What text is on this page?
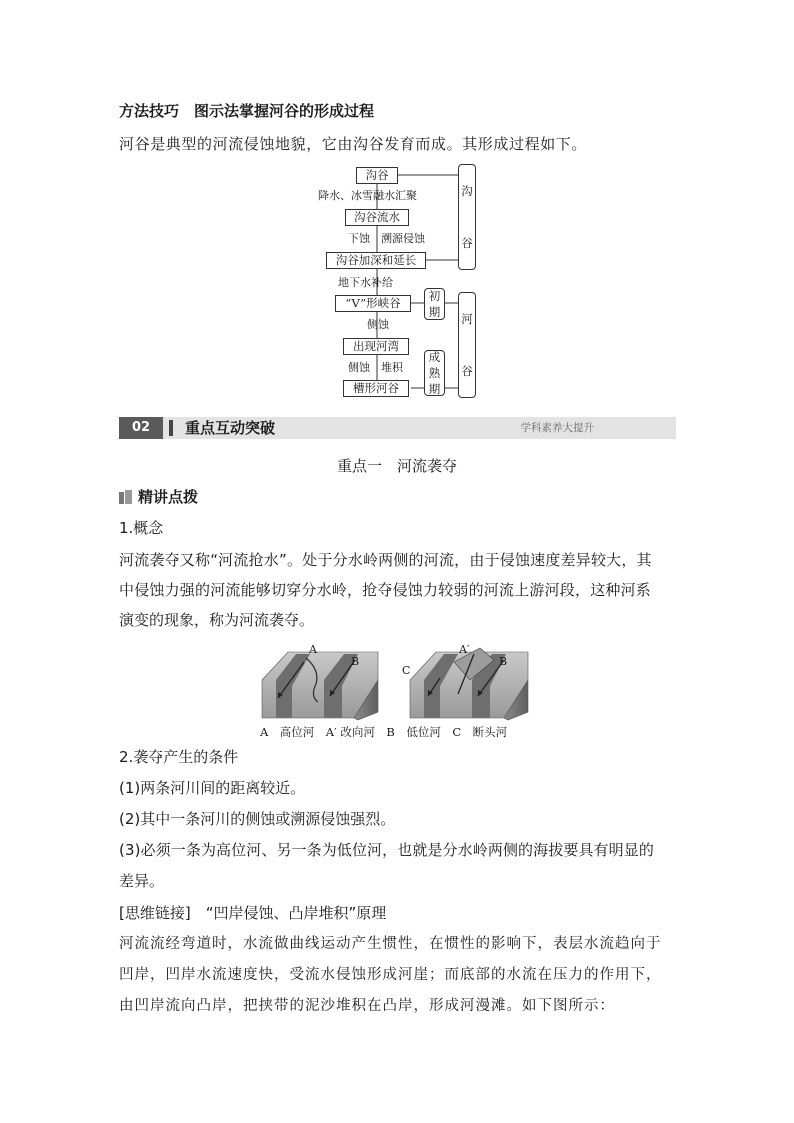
方法技巧　图示法掌握河谷的形成过程
河谷是典型的河流侵蚀地貌，它由沟谷发育而成。其形成过程如下。
沟谷
降水、冰雪融水汇聚
沟谷流水
下蚀　溯源侵蚀
沟谷加深和延长
地下水补给
“V”形峡谷
侧蚀
出现河湾
侧蚀　堆积
槽形河谷
沟
谷
初
期
成
熟
期
河
谷
02	重点互动突破	学科素养大提升
重点一　河流袭夺
精讲点拨
1.概念
河流袭夺又称“河流抢水”。处于分水岭两侧的河流，由于侵蚀速度差异较大，其
中侵蚀力强的河流能够切穿分水岭，抢夺侵蚀力较弱的河流上游河段，这种河系
演变的现象，称为河流袭夺。
A
B
C
A′
B
A　高位河　A′ 改向河　B　低位河　C　断头河
2.袭夺产生的条件
(1)两条河川间的距离较近。
(2)其中一条河川的侧蚀或溯源侵蚀强烈。
(3)必须一条为高位河、另一条为低位河，也就是分水岭两侧的海拔要具有明显的
差异。
[思维链接]　“凹岸侵蚀、凸岸堆积”原理
河流流经弯道时，水流做曲线运动产生惯性，在惯性的影响下，表层水流趋向于
凹岸，凹岸水流速度快，受流水侵蚀形成河崖；而底部的水流在压力的作用下，
由凹岸流向凸岸，把挟带的泥沙堆积在凸岸，形成河漫滩。如下图所示：
